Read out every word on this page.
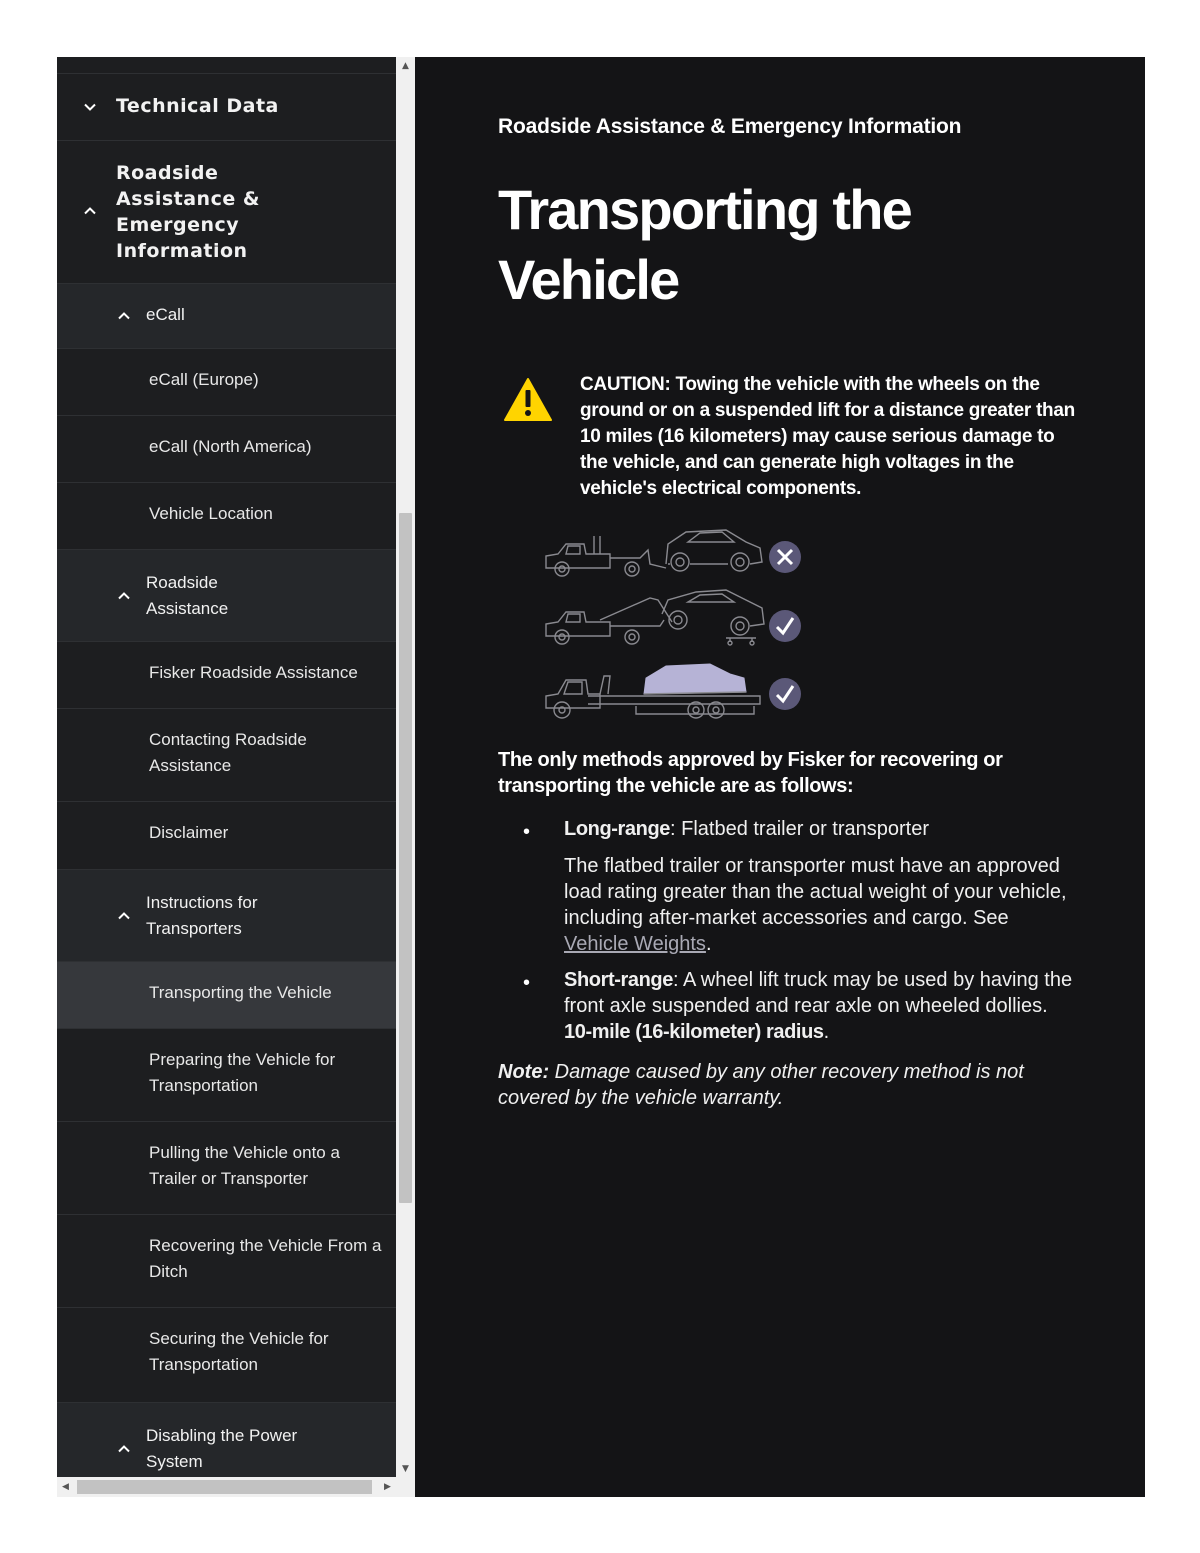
Technical Data
Roadside Assistance & Emergency Information
eCall
eCall (Europe)
eCall (North America)
Vehicle Location
Roadside Assistance
Fisker Roadside Assistance
Contacting Roadside Assistance
Disclaimer
Instructions for Transporters
Transporting the Vehicle
Preparing the Vehicle for Transportation
Pulling the Vehicle onto a Trailer or Transporter
Recovering the Vehicle From a Ditch
Securing the Vehicle for Transportation
Disabling the Power System
▲
▼
◀	▶
Roadside Assistance & Emergency Information
Transporting the Vehicle
CAUTION: Towing the vehicle with the wheels on the ground or on a suspended lift for a distance greater than 10 miles (16 kilometers) may cause serious damage to the vehicle, and can generate high voltages in the vehicle's electrical components.
The only methods approved by Fisker for recovering or transporting the vehicle are as follows:
• Long-range: Flatbed trailer or transporter
The flatbed trailer or transporter must have an approved load rating greater than the actual weight of your vehicle, including after-market accessories and cargo. See Vehicle Weights.
• Short-range: A wheel lift truck may be used by having the front axle suspended and rear axle on wheeled dollies. 10-mile (16-kilometer) radius.
Note: Damage caused by any other recovery method is not covered by the vehicle warranty.
